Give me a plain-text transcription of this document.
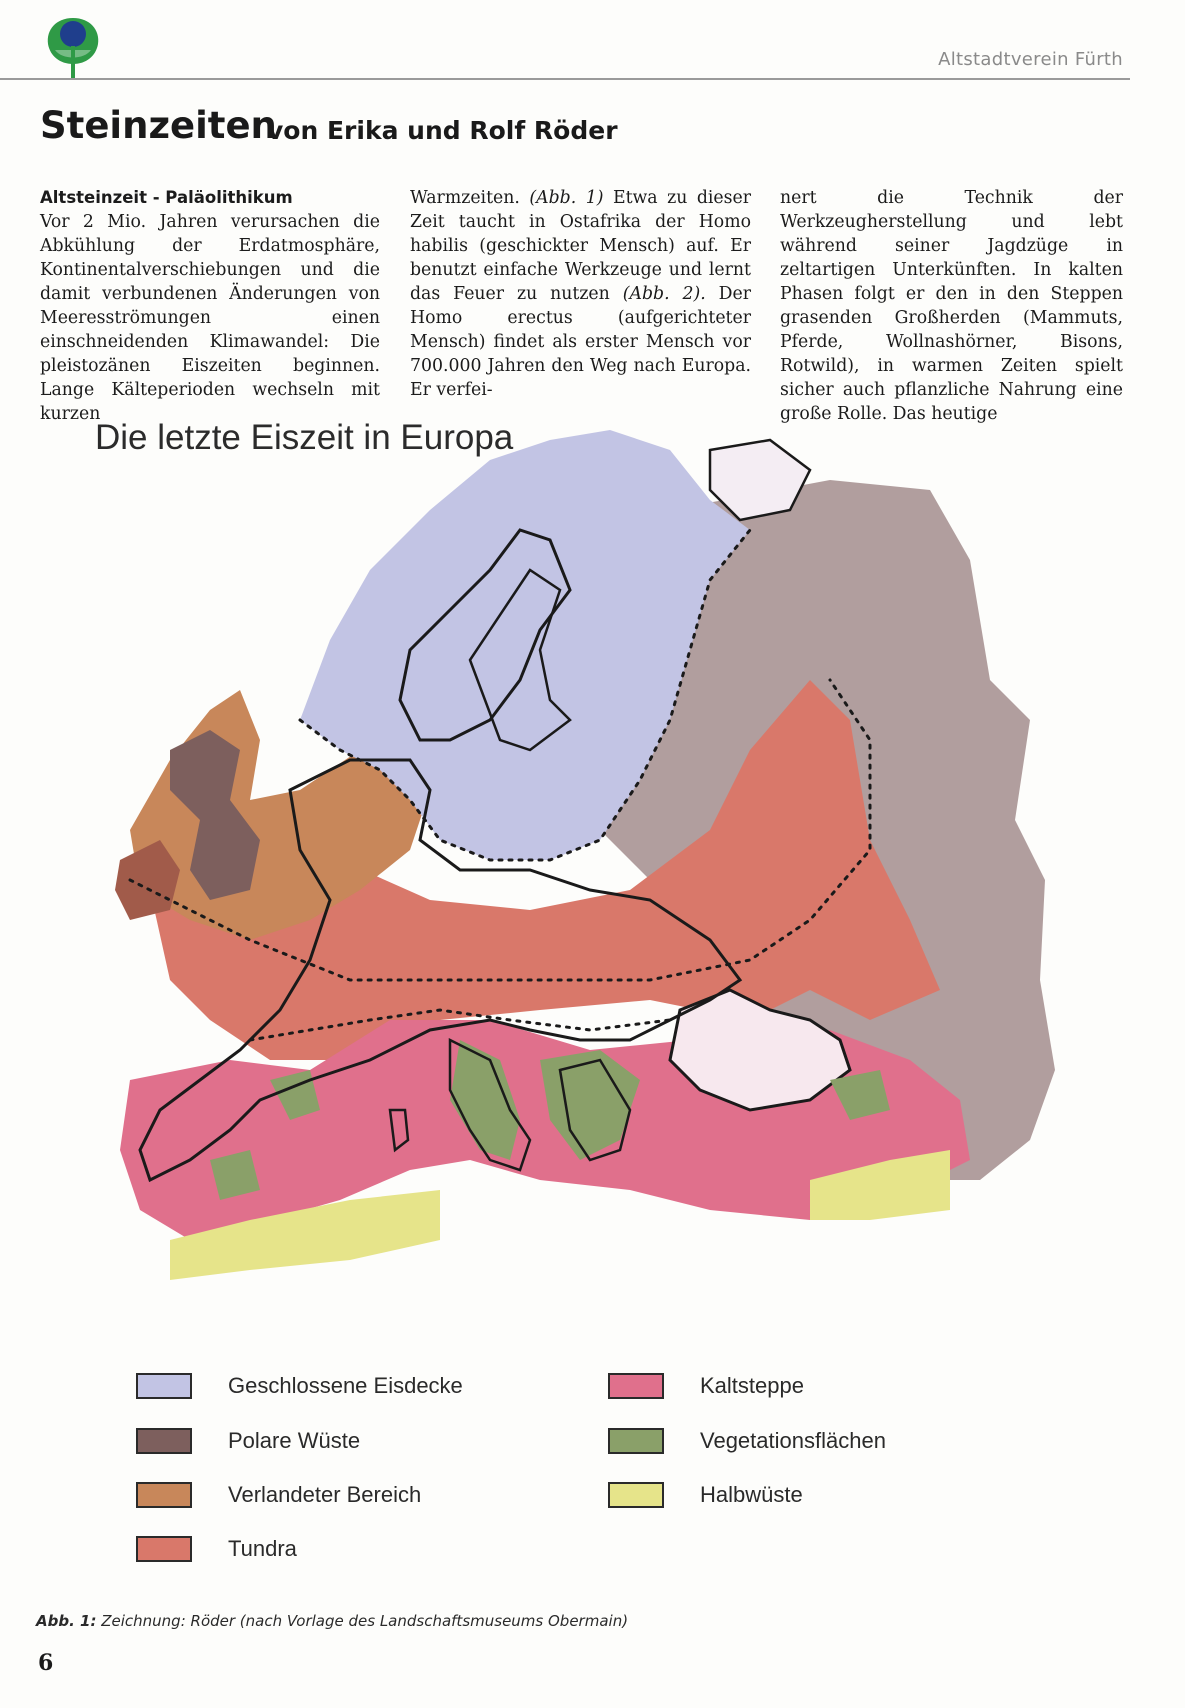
Altstadtverein Fürth
Steinzeiten
von Erika und Rolf Röder
Altsteinzeit - Paläolithikum
Vor 2 Mio. Jahren verursachen die Abkühlung der Erdatmosphäre, Kontinentalverschiebungen und die damit verbundenen Änderungen von Meeresströmungen einen einschneidenden Klimawandel: Die pleistozänen Eiszeiten beginnen. Lange Kälteperioden wechseln mit kurzen
Warmzeiten. (Abb. 1) Etwa zu dieser Zeit taucht in Ostafrika der Homo habilis (geschickter Mensch) auf. Er benutzt einfache Werkzeuge und lernt das Feuer zu nutzen (Abb. 2). Der Homo erectus (aufgerichteter Mensch) findet als erster Mensch vor 700.000 Jahren den Weg nach Europa. Er verfei-
nert die Technik der Werkzeugherstellung und lebt während seiner Jagdzüge in zeltartigen Unterkünften. In kalten Phasen folgt er den in den Steppen grasenden Großherden (Mammuts, Pferde, Wollnashörner, Bisons, Rotwild), in warmen Zeiten spielt sicher auch pflanzliche Nahrung eine große Rolle. Das heutige
Die letzte Eiszeit in Europa
Geschlossene Eisdecke
Polare Wüste
Verlandeter Bereich
Tundra
Kaltsteppe
Vegetationsflächen
Halbwüste
Abb. 1: Zeichnung: Röder (nach Vorlage des Landschaftsmuseums Obermain)
6
